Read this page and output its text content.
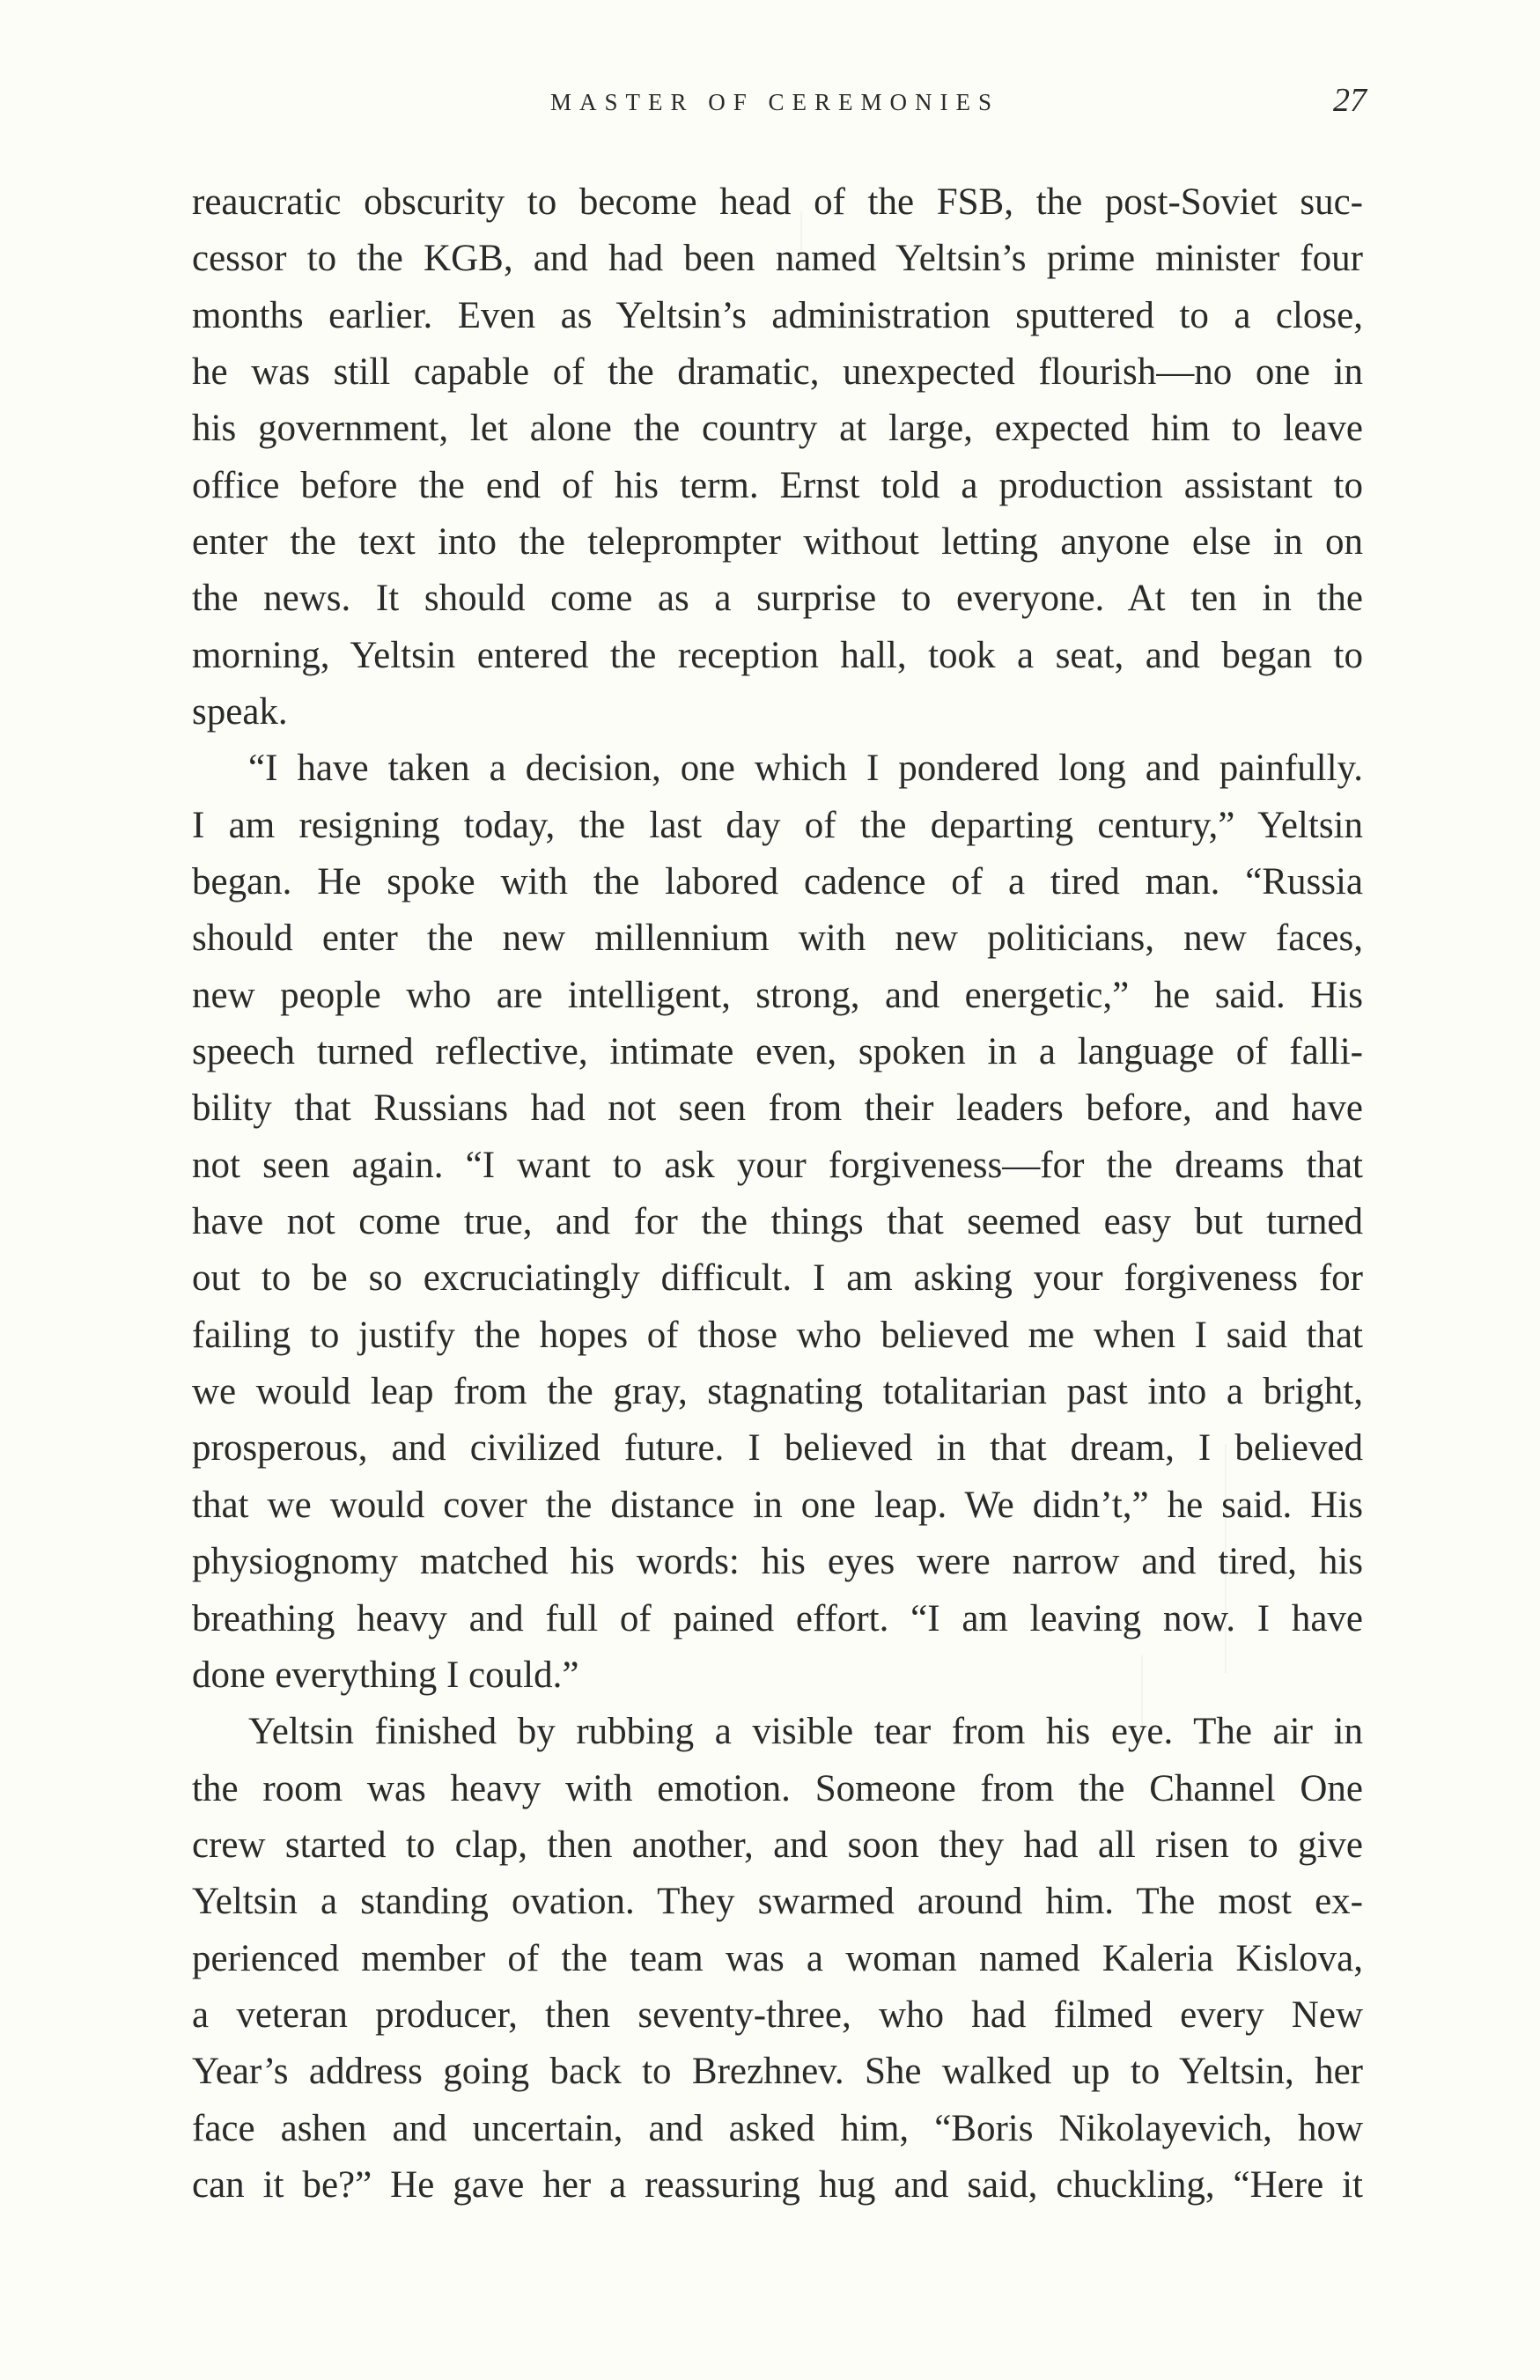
MASTER OF CEREMONIES	27
reaucratic obscurity to become head of the FSB, the post-Soviet suc-
cessor to the KGB, and had been named Yeltsin’s prime minister four
months earlier. Even as Yeltsin’s administration sputtered to a close,
he was still capable of the dramatic, unexpected flourish—no one in
his government, let alone the country at large, expected him to leave
office before the end of his term. Ernst told a production assistant to
enter the text into the teleprompter without letting anyone else in on
the news. It should come as a surprise to everyone. At ten in the
morning, Yeltsin entered the reception hall, took a seat, and began to
speak.
“I have taken a decision, one which I pondered long and painfully.
I am resigning today, the last day of the departing century,” Yeltsin
began. He spoke with the labored cadence of a tired man. “Russia
should enter the new millennium with new politicians, new faces,
new people who are intelligent, strong, and energetic,” he said. His
speech turned reflective, intimate even, spoken in a language of falli-
bility that Russians had not seen from their leaders before, and have
not seen again. “I want to ask your forgiveness—for the dreams that
have not come true, and for the things that seemed easy but turned
out to be so excruciatingly difficult. I am asking your forgiveness for
failing to justify the hopes of those who believed me when I said that
we would leap from the gray, stagnating totalitarian past into a bright,
prosperous, and civilized future. I believed in that dream, I believed
that we would cover the distance in one leap. We didn’t,” he said. His
physiognomy matched his words: his eyes were narrow and tired, his
breathing heavy and full of pained effort. “I am leaving now. I have
done everything I could.”
Yeltsin finished by rubbing a visible tear from his eye. The air in
the room was heavy with emotion. Someone from the Channel One
crew started to clap, then another, and soon they had all risen to give
Yeltsin a standing ovation. They swarmed around him. The most ex-
perienced member of the team was a woman named Kaleria Kislova,
a veteran producer, then seventy-three, who had filmed every New
Year’s address going back to Brezhnev. She walked up to Yeltsin, her
face ashen and uncertain, and asked him, “Boris Nikolayevich, how
can it be?” He gave her a reassuring hug and said, chuckling, “Here it
